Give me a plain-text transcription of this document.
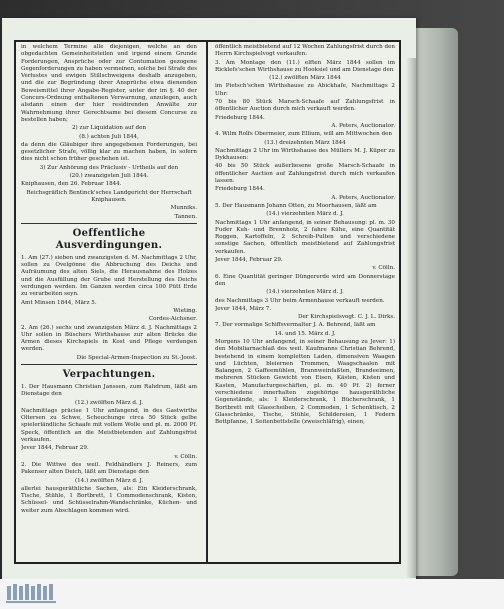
in welchem Termine alle diejenigen, welche an den obgedachten Gemeinheitsteilen und irgend einem Grunde Forderungen, Ansprüche oder zur Contumation gezogene Gegenforderungen zu haben vermeinen, solche bei Strafe des Verlustes und ewigen Stillschweigens deshalb anzugeben, und die zur Begründung ihrer Ansprüche etwa dienenden Beweismittel ihrer Angabe-Register, unter der im §. 40 der Concurs-Ordnung enthaltenen Verwarnung, anzulegen, auch alsdann einen der hier residirenden Anwälte zur Wahrnehmung ihrer Gerechtsame bei diesem Concurse zu bestellen haben;

2) zur Liquidation auf den

(8.) achten Juli 1844,

da denn die Gläubiger ihre angegebenen Forderungen, bei gesetzlicher Strafe, völlig klar zu machen haben, in sofern dies nicht schon früher geschehen ist.

3) Zur Anhörung des Präclusiv - Urtheils auf den

(20.) zwanzigsten Juli 1844.

Kniphausen, den 26. Februar 1844.

Reichsgräflich Bentinck'sches Landgericht der Herrschaft Kniphausen.

Munniks.

Tannen.

Oeffentliche Ausverdingungen.

1. Am (27.) sieben und zwanzigsten d. M. Nachmittags 2 Uhr, sollen zu Ovelgönne die Abbruchung des Deichs und Aufräumung des alten Siels, die Herausnahme des Holzes und die Ausfüllung der Grube und Herstellung des Deichs verdungen werden. Im Ganzen werden circa 100 Pütt Erde zu verarbeiten seyn.

Amt Minsen 1844, März 5.

Wieting.

Cordes-Aichsner.

2. Am (26.) sechs und zwanzigsten März d. J. Nachmittags 2 Uhr sollen in Büschers Wirthshause zur alten Brücke die Armen dieses Kirchspiels in Kost und Pflege verdungen werden.

Die Special-Armen-Inspection zu St.-Joost.

Verpachtungen.

1. Der Hausmann Christian Janssen, zum Rahdrum, läßt am Dienstage den

(12.) zwölften März d. J.

Nachmittags präcise 1 Uhr anfangend, in des Gastwirths Oltersen zu Schwe, Scheuchunge circa 50 Stück gelbe spielerländliche Schaafe mit vollem Wolle und pl. m. 2000 Pf. Speck, öffentlich an die Meistbietenden auf Zahlungsfrist verkaufen.

Jever 1844, Februar 29.

v. Cölln.

2. Die Wittwe des weil. Feldhändlers J. Reiners, zum Pakenser alten Deich, läßt am Dienstage den

(14.) zwölften März d. J.

allerlei hausgeräthliche Sachen, als: Ein Kleiderschrank, Tische, Stühle, 1 Bortbrett, 1 Commodenschrank, Kisten, Schüssel- und Schüsselrahm-Wandschränke, Küchen- und weiter zum Abschlagen kommen wird.

öffentlich meistbietend auf 12 Wochen Zahlungsfrist durch den Herrn Kirchspielvogt verkaufen.

3. Am Montage den (11.) elften März 1844 sollen im Ricklefs'schen Wirthshause zu Hooksiel und am Dienstage den

(12.) zwölften März 1844

im Pietsch'schen Wirthshause zu Abickhafe, Nachmittags 2 Uhr:

70 bis 80 Stück Marsch-Schaafe auf Zahlungsfrist in öffentlicher Auction durch mich verkauft werden.

Friedeburg 1844.

A. Peters, Auctionator.

4. Wilm Rolfs Obermeier, zum Ellium, will am Mittwochen den

(13.) dreizehnten März 1844

Nachmittags 2 Uhr im Wirthshause des Müllers M. J. Küper zu Dykhausen:

40 bis 50 Stück außerliesene große Marsch-Schaafe in öffentlicher Auction auf Zahlungsfrist durch mich verkaufen lassen.

Friedeburg 1844.

A. Peters, Auctionator.

5. Der Hausmann Johann Otten, zu Moorhausen, läßt am

(14.) vierzehnten März d. J.

Nachmittags 1 Uhr anfangend, in seiner Behausung: pl. m. 30 Fuder Kuh- und Brennholz, 2 fahre Kühe, eine Quantität Roggen, Kartoffeln, 2 Schreib-Pulten und verschiedene sonstige Sachen, öffentlich meistbietend auf Zahlungsfrist verkaufen.

Jever 1844, Februar 29.

v. Cölln.

6. Eine Quantität geringer Düngererde wird am Donnerstage den

(14.) vierzehnten März d. J.

des Nachmittags 3 Uhr beim Armenhause verkauft werden.

Jever 1844, März 7.

Der Kirchspielsvogt. C. J. L. Dirks.

7. Der vormalige Schiffsvermalter J. A. Behrend, läßt am

14. und 15. März d. J.

Morgens 10 Uhr anfangend, in seiner Behausung zu Jever: 1) den Mobiliarnachlaß des weil. Kaufmanns Christian Behrend, bestehend in einem kompletten Laden, dimensiven Waagen und Lüchten, bleiernen Trommen, Waagschaalen mit Balangen, 2 Gaffeemühlen, Brannweinfaßten, Brandeeimen, mehreren Stücken Gewicht von Eisen, Kästen, Kisten und Kasten, Manufacturgeschäften, pl. m. 40 Pf. 2) ferner verschiedene innerhalten zugehörige hausgeräthliche Gegenstände, als: 1 Kleiderschrank, 1 Bücherschrank, 1 Bortbrett mit Glasscheiben, 2 Commoden, 1 Schenktisch, 2 Glasschränke, Tische, Stühle, Schildereien, 1 Federn Bettpfanne, 1 Seitenbettstelle (zweischläfrig), einen,
